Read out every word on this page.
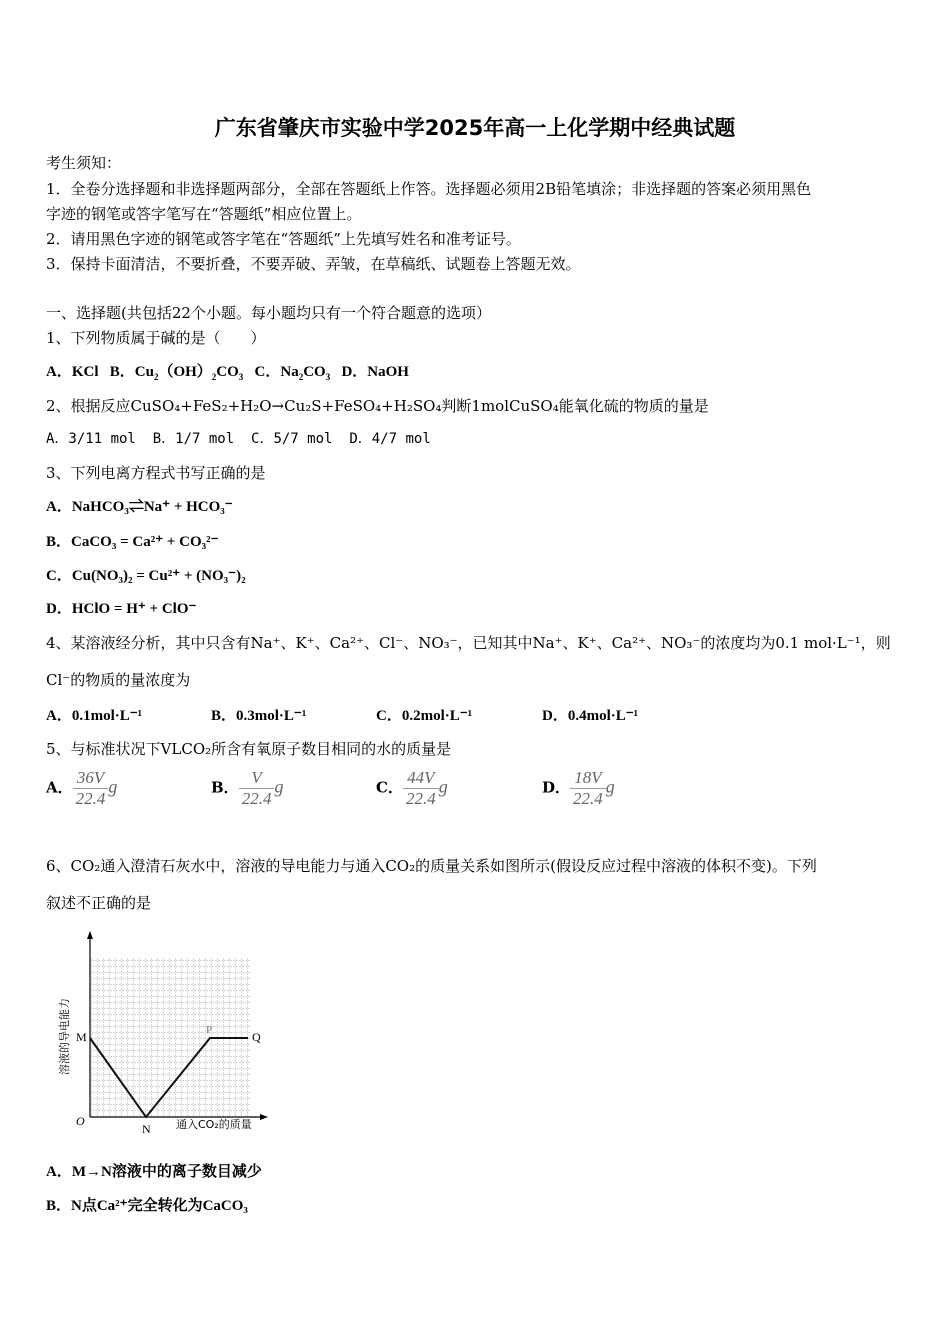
广东省肇庆市实验中学2025年高一上化学期中经典试题
考生须知：
1．全卷分选择题和非选择题两部分，全部在答题纸上作答。选择题必须用2B铅笔填涂；非选择题的答案必须用黑色
字迹的钢笔或答字笔写在“答题纸”相应位置上。
2．请用黑色字迹的钢笔或答字笔在“答题纸”上先填写姓名和准考证号。
3．保持卡面清洁，不要折叠，不要弄破、弄皱，在草稿纸、试题卷上答题无效。
一、选择题(共包括22个小题。每小题均只有一个符合题意的选项）
1、下列物质属于碱的是（　　）
A．KCl B．$Cu_2(OH)_2CO_3$ C．$Na_2CO_3$ D．NaOH
2、根据反应CuSO₄+FeS₂+H₂O→Cu₂S+FeSO₄+H₂SO₄判断1molCuSO₄能氧化硫的物质的量是
A．3/11 mol B．1/7 mol C．5/7 mol D．4/7 mol
3、下列电离方程式书写正确的是
A．NaHCO₃⇌Na⁺ + HCO₃⁻
B．CaCO₃ = Ca²⁺ + CO₃²⁻
C．Cu(NO₃)₂ = Cu²⁺ + (NO₃⁻)₂
D．HClO = H⁺ + ClO⁻
4、某溶液经分析，其中只含有Na⁺、K⁺、Ca²⁺、Cl⁻、NO₃⁻，已知其中Na⁺、K⁺、Ca²⁺、NO₃⁻的浓度均为0.1 mol·L⁻¹，则
Cl⁻的物质的量浓度为
A．0.1mol·L⁻¹	B．0.3mol·L⁻¹	C．0.2mol·L⁻¹	D．0.4mol·L⁻¹
5、与标准状况下VLCO₂所含有氧原子数目相同的水的质量是
A． $\frac{36V}{22.4}$ g	B． $\frac{V}{22.4}$ g	C． $\frac{44V}{22.4}$ g	D． $\frac{18V}{22.4}$ g
6、CO₂通入澄清石灰水中，溶液的导电能力与通入CO₂的质量关系如图所示(假设反应过程中溶液的体积不变)。下列
叙述不正确的是
M
N
P	Q
O	通入CO₂的质量
溶液的导电能力
A．M→N溶液中的离子数目减少
B．N点Ca²⁺完全转化为CaCO₃
